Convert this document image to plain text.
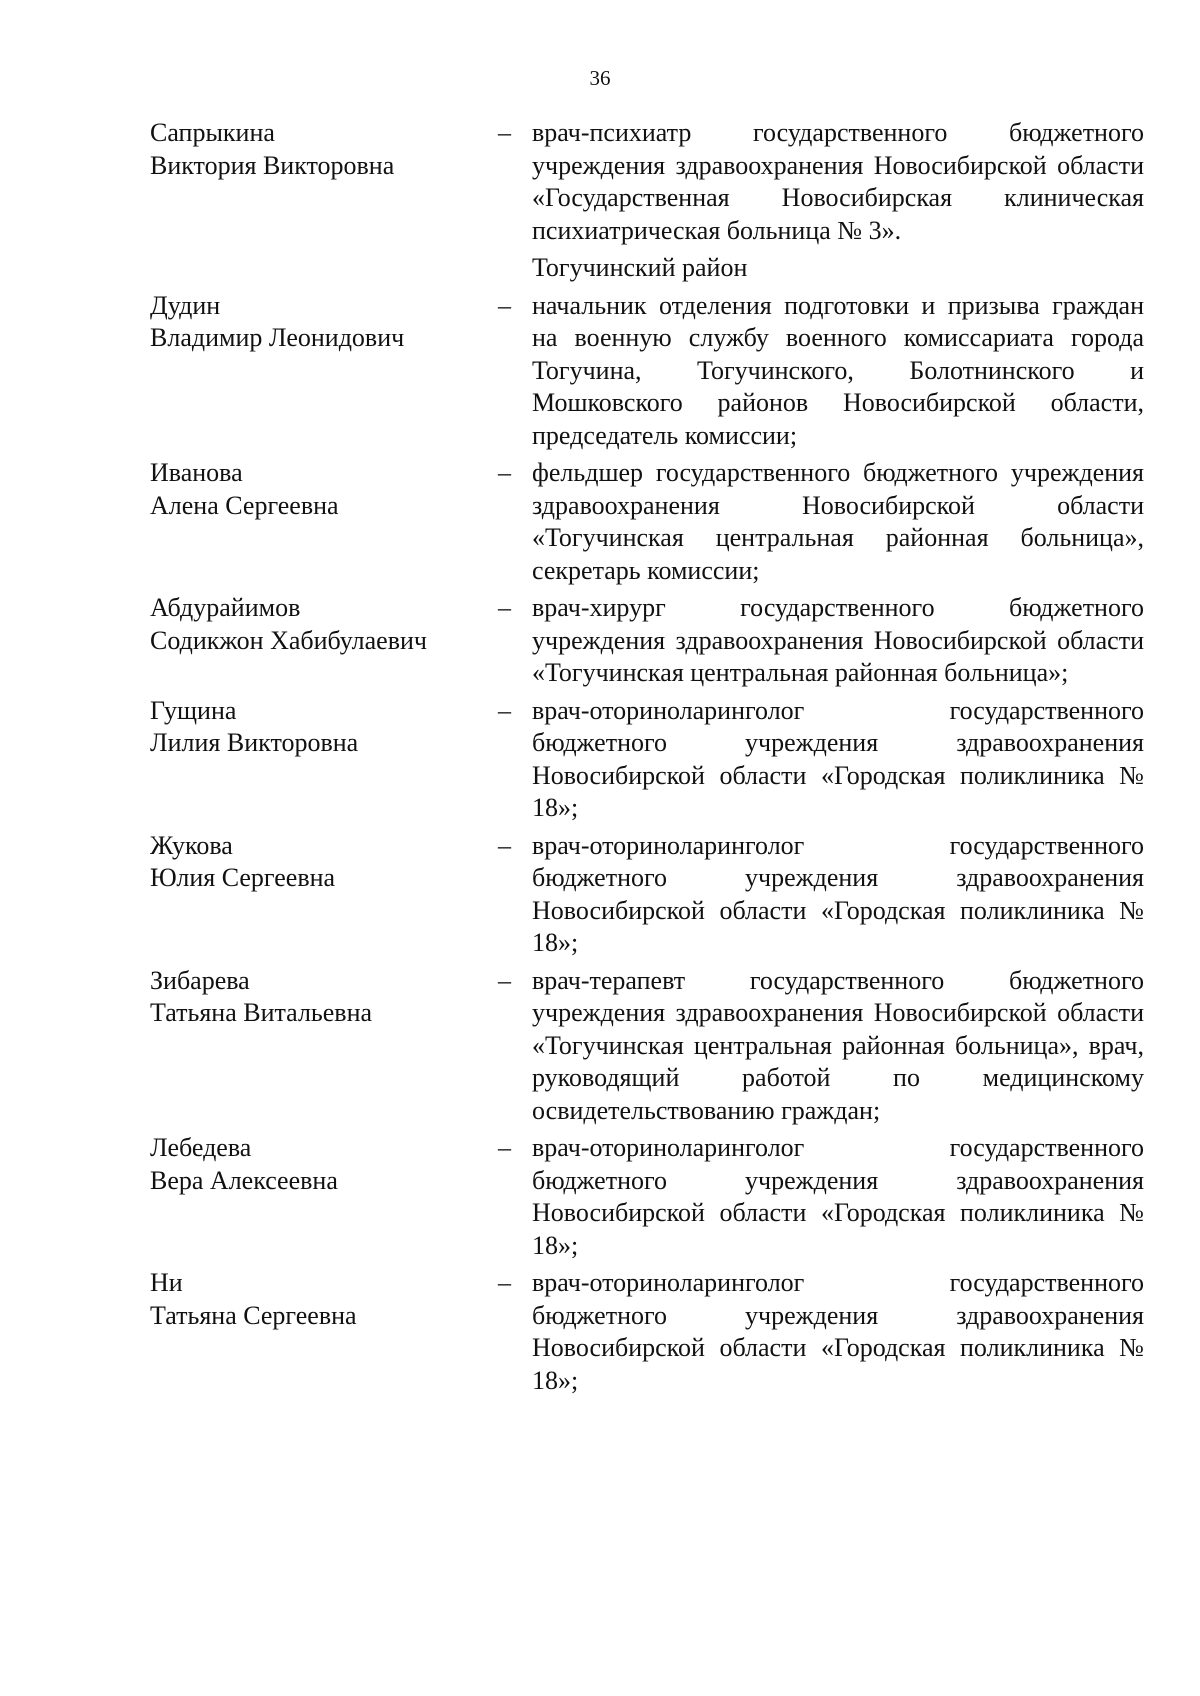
36
Сапрыкина
Виктория Викторовна
– врач-психиатр государственного бюджетного учреждения здравоохранения Новосибирской области «Государственная Новосибирская клиническая психиатрическая больница № 3».
Тогучинский район
Дудин
Владимир Леонидович
– начальник отделения подготовки и призыва граждан на военную службу военного комиссариата города Тогучина, Тогучинского, Болотнинского и Мошковского районов Новосибирской области, председатель комиссии;
Иванова
Алена Сергеевна
– фельдшер государственного бюджетного учреждения здравоохранения Новосибирской области «Тогучинская центральная районная больница», секретарь комиссии;
Абдурайимов
Содикжон Хабибулаевич
– врач-хирург государственного бюджетного учреждения здравоохранения Новосибирской области «Тогучинская центральная районная больница»;
Гущина
Лилия Викторовна
– врач-оториноларинголог государственного бюджетного учреждения здравоохранения Новосибирской области «Городская поликлиника № 18»;
Жукова
Юлия Сергеевна
– врач-оториноларинголог государственного бюджетного учреждения здравоохранения Новосибирской области «Городская поликлиника № 18»;
Зибарева
Татьяна Витальевна
– врач-терапевт государственного бюджетного учреждения здравоохранения Новосибирской области «Тогучинская центральная районная больница», врач, руководящий работой по медицинскому освидетельствованию граждан;
Лебедева
Вера Алексеевна
– врач-оториноларинголог государственного бюджетного учреждения здравоохранения Новосибирской области «Городская поликлиника № 18»;
Ни
Татьяна Сергеевна
– врач-оториноларинголог государственного бюджетного учреждения здравоохранения Новосибирской области «Городская поликлиника № 18»;
